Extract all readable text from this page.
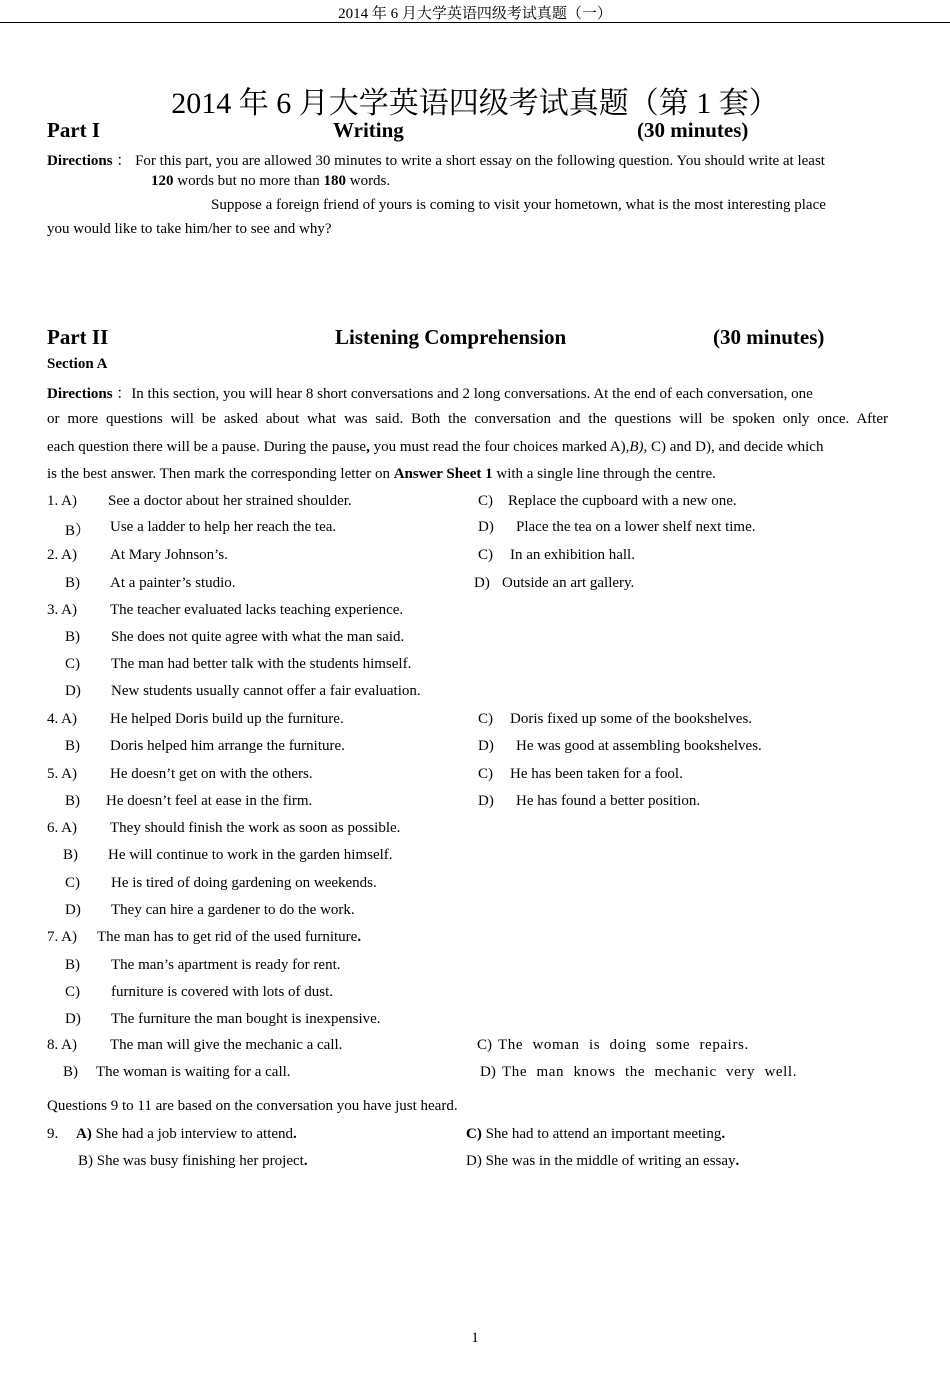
2014 年 6 月大学英语四级考试真题（一）
2014 年 6 月大学英语四级考试真题（第 1 套）
Part I	Writing	(30 minutes)
Directions ： For this part, you are allowed 30 minutes to write a short essay on the following question. You should write at least
120 words but no more than 180 words.
Suppose a foreign friend of yours is coming to visit your hometown, what is the most interesting place
you would like to take him/her to see and why?
Part II	Listening Comprehension	(30 minutes)
Section A
Directions ：In this section, you will hear 8 short conversations and 2 long conversations. At the end of each conversation, one
or more questions will be asked about what was said. Both the conversation and the questions will be spoken only once. After
each question there will be a pause. During the pause, you must read the four choices marked A),B), C) and D), and decide which
is the best answer. Then mark the corresponding letter on Answer Sheet 1 with a single line through the centre.
1. A) See a doctor about her strained shoulder.	C) Replace the cupboard with a new one.
B） Use a ladder to help her reach the tea.	D) Place the tea on a lower shelf next time.
2. A) At Mary Johnson’s.	C) In an exhibition hall.
B) At a painter’s studio.	D) Outside an art gallery.
3. A) The teacher evaluated lacks teaching experience.
B) She does not quite agree with what the man said.
C) The man had better talk with the students himself.
D) New students usually cannot offer a fair evaluation.
4. A) He helped Doris build up the furniture.	C) Doris fixed up some of the bookshelves.
B) Doris helped him arrange the furniture.	D) He was good at assembling bookshelves.
5. A) He doesn’t get on with the others.	C) He has been taken for a fool.
B) He doesn’t feel at ease in the firm.	D) He has found a better position.
6. A) They should finish the work as soon as possible.
B) He will continue to work in the garden himself.
C) He is tired of doing gardening on weekends.
D) They can hire a gardener to do the work.
7. A) The man has to get rid of the used furniture.
B) The man’s apartment is ready for rent.
C) furniture is covered with lots of dust.
D) The furniture the man bought is inexpensive.
8. A) The man will give the mechanic a call.	C) The woman is doing some repairs.
B) The woman is waiting for a call.	D) The man knows the mechanic very well.
Questions 9 to 11 are based on the conversation you have just heard.
9. A) She had a job interview to attend.	C) She had to attend an important meeting.
B) She was busy finishing her project.	D) She was in the middle of writing an essay.
1
